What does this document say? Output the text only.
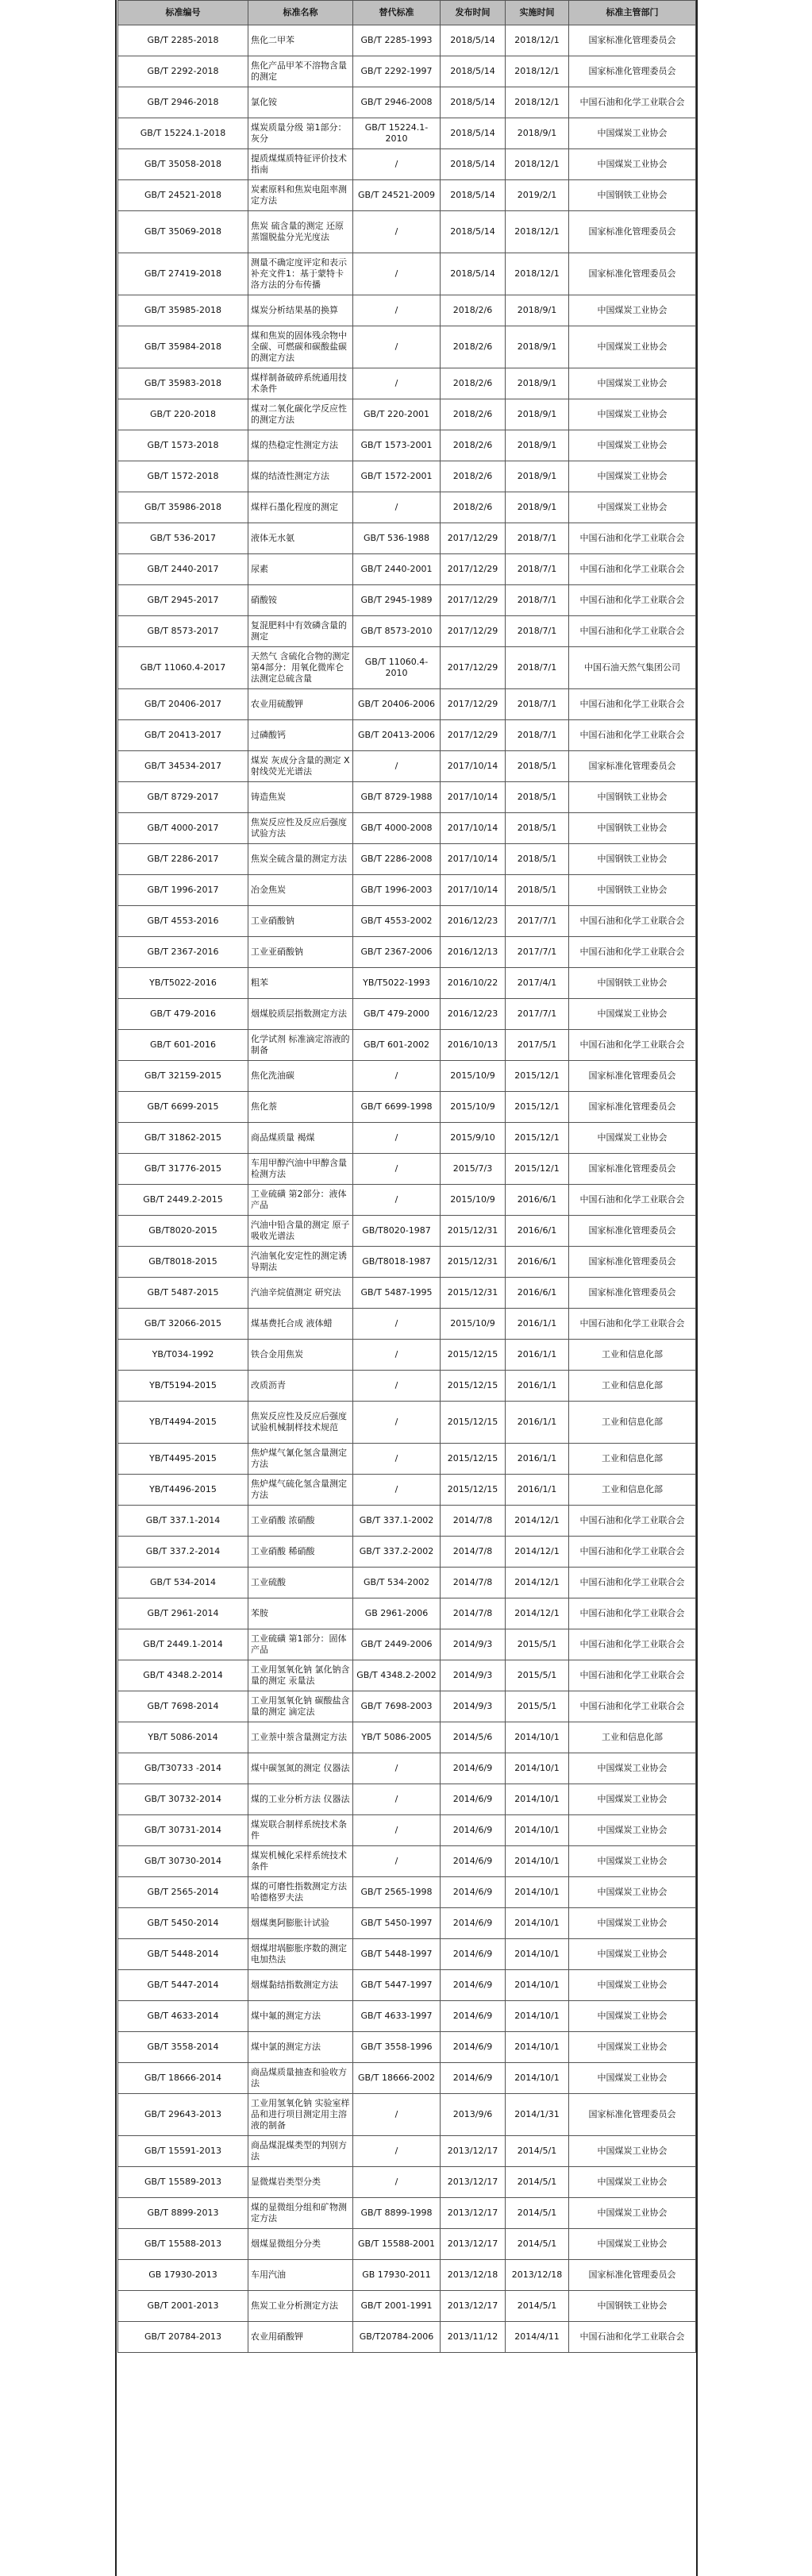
标准编号	标准名称	替代标准	发布时间	实施时间	标准主管部门
GB/T 2285-2018	焦化二甲苯	GB/T 2285-1993	2018/5/14	2018/12/1	国家标准化管理委员会
GB/T 2292-2018	焦化产品甲苯不溶物含量的测定	GB/T 2292-1997	2018/5/14	2018/12/1	国家标准化管理委员会
GB/T 2946-2018	氯化铵	GB/T 2946-2008	2018/5/14	2018/12/1	中国石油和化学工业联合会
GB/T 15224.1-2018	煤炭质量分级 第1部分：灰分	GB/T 15224.1-2010	2018/5/14	2018/9/1	中国煤炭工业协会
GB/T 35058-2018	提质煤煤质特征评价技术指南	/	2018/5/14	2018/12/1	中国煤炭工业协会
GB/T 24521-2018	炭素原料和焦炭电阻率测定方法	GB/T 24521-2009	2018/5/14	2019/2/1	中国钢铁工业协会
GB/T 35069-2018	焦炭 硫含量的测定 还原蒸馏脱盐分光光度法	/	2018/5/14	2018/12/1	国家标准化管理委员会
GB/T 27419-2018	测量不确定度评定和表示 补充文件1：基于蒙特卡洛方法的分布传播	/	2018/5/14	2018/12/1	国家标准化管理委员会
GB/T 35985-2018	煤炭分析结果基的换算	/	2018/2/6	2018/9/1	中国煤炭工业协会
GB/T 35984-2018	煤和焦炭的固体残余物中全碳、可燃碳和碳酸盐碳的测定方法	/	2018/2/6	2018/9/1	中国煤炭工业协会
GB/T 35983-2018	煤样制备破碎系统通用技术条件	/	2018/2/6	2018/9/1	中国煤炭工业协会
GB/T 220-2018	煤对二氧化碳化学反应性的测定方法	GB/T 220-2001	2018/2/6	2018/9/1	中国煤炭工业协会
GB/T 1573-2018	煤的热稳定性测定方法	GB/T 1573-2001	2018/2/6	2018/9/1	中国煤炭工业协会
GB/T 1572-2018	煤的结渣性测定方法	GB/T 1572-2001	2018/2/6	2018/9/1	中国煤炭工业协会
GB/T 35986-2018	煤样石墨化程度的测定	/	2018/2/6	2018/9/1	中国煤炭工业协会
GB/T 536-2017	液体无水氨	GB/T 536-1988	2017/12/29	2018/7/1	中国石油和化学工业联合会
GB/T 2440-2017	尿素	GB/T 2440-2001	2017/12/29	2018/7/1	中国石油和化学工业联合会
GB/T 2945-2017	硝酸铵	GB/T 2945-1989	2017/12/29	2018/7/1	中国石油和化学工业联合会
GB/T 8573-2017	复混肥料中有效磷含量的测定	GB/T 8573-2010	2017/12/29	2018/7/1	中国石油和化学工业联合会
GB/T 11060.4-2017	天然气 含硫化合物的测定 第4部分：用氧化微库仑法测定总硫含量	GB/T 11060.4-2010	2017/12/29	2018/7/1	中国石油天然气集团公司
GB/T 20406-2017	农业用硫酸钾	GB/T 20406-2006	2017/12/29	2018/7/1	中国石油和化学工业联合会
GB/T 20413-2017	过磷酸钙	GB/T 20413-2006	2017/12/29	2018/7/1	中国石油和化学工业联合会
GB/T 34534-2017	煤炭 灰成分含量的测定 X射线荧光光谱法	/	2017/10/14	2018/5/1	国家标准化管理委员会
GB/T 8729-2017	铸造焦炭	GB/T 8729-1988	2017/10/14	2018/5/1	中国钢铁工业协会
GB/T 4000-2017	焦炭反应性及反应后强度试验方法	GB/T 4000-2008	2017/10/14	2018/5/1	中国钢铁工业协会
GB/T 2286-2017	焦炭全硫含量的测定方法	GB/T 2286-2008	2017/10/14	2018/5/1	中国钢铁工业协会
GB/T 1996-2017	冶金焦炭	GB/T 1996-2003	2017/10/14	2018/5/1	中国钢铁工业协会
GB/T 4553-2016	工业硝酸钠	GB/T 4553-2002	2016/12/23	2017/7/1	中国石油和化学工业联合会
GB/T 2367-2016	工业亚硝酸钠	GB/T 2367-2006	2016/12/13	2017/7/1	中国石油和化学工业联合会
YB/T5022-2016	粗苯	YB/T5022-1993	2016/10/22	2017/4/1	中国钢铁工业协会
GB/T 479-2016	烟煤胶质层指数测定方法	GB/T 479-2000	2016/12/23	2017/7/1	中国煤炭工业协会
GB/T 601-2016	化学试剂 标准滴定溶液的制备	GB/T 601-2002	2016/10/13	2017/5/1	中国石油和化学工业联合会
GB/T 32159-2015	焦化洗油碳	/	2015/10/9	2015/12/1	国家标准化管理委员会
GB/T 6699-2015	焦化萘	GB/T 6699-1998	2015/10/9	2015/12/1	国家标准化管理委员会
GB/T 31862-2015	商品煤质量 褐煤	/	2015/9/10	2015/12/1	中国煤炭工业协会
GB/T 31776-2015	车用甲醇汽油中甲醇含量检测方法	/	2015/7/3	2015/12/1	国家标准化管理委员会
GB/T 2449.2-2015	工业硫磺 第2部分：液体产品	/	2015/10/9	2016/6/1	中国石油和化学工业联合会
GB/T8020-2015	汽油中铅含量的测定 原子吸收光谱法	GB/T8020-1987	2015/12/31	2016/6/1	国家标准化管理委员会
GB/T8018-2015	汽油氧化安定性的测定诱导期法	GB/T8018-1987	2015/12/31	2016/6/1	国家标准化管理委员会
GB/T 5487-2015	汽油辛烷值测定 研究法	GB/T 5487-1995	2015/12/31	2016/6/1	国家标准化管理委员会
GB/T 32066-2015	煤基费托合成 液体蜡	/	2015/10/9	2016/1/1	中国石油和化学工业联合会
YB/T034-1992	铁合金用焦炭	/	2015/12/15	2016/1/1	工业和信息化部
YB/T5194-2015	改质沥青	/	2015/12/15	2016/1/1	工业和信息化部
YB/T4494-2015	焦炭反应性及反应后强度试验机械制样技术规范	/	2015/12/15	2016/1/1	工业和信息化部
YB/T4495-2015	焦炉煤气氰化氢含量测定方法	/	2015/12/15	2016/1/1	工业和信息化部
YB/T4496-2015	焦炉煤气硫化氢含量测定方法	/	2015/12/15	2016/1/1	工业和信息化部
GB/T 337.1-2014	工业硝酸 浓硝酸	GB/T 337.1-2002	2014/7/8	2014/12/1	中国石油和化学工业联合会
GB/T 337.2-2014	工业硝酸 稀硝酸	GB/T 337.2-2002	2014/7/8	2014/12/1	中国石油和化学工业联合会
GB/T 534-2014	工业硫酸	GB/T 534-2002	2014/7/8	2014/12/1	中国石油和化学工业联合会
GB/T 2961-2014	苯胺	GB 2961-2006	2014/7/8	2014/12/1	中国石油和化学工业联合会
GB/T 2449.1-2014	工业硫磺 第1部分：固体产品	GB/T 2449-2006	2014/9/3	2015/5/1	中国石油和化学工业联合会
GB/T 4348.2-2014	工业用氢氧化钠 氯化钠含量的测定 汞量法	GB/T 4348.2-2002	2014/9/3	2015/5/1	中国石油和化学工业联合会
GB/T 7698-2014	工业用氢氧化钠 碳酸盐含量的测定 滴定法	GB/T 7698-2003	2014/9/3	2015/5/1	中国石油和化学工业联合会
YB/T 5086-2014	工业萘中萘含量测定方法	YB/T 5086-2005	2014/5/6	2014/10/1	工业和信息化部
GB/T30733 -2014	煤中碳氢氮的测定 仪器法	/	2014/6/9	2014/10/1	中国煤炭工业协会
GB/T 30732-2014	煤的工业分析方法 仪器法	/	2014/6/9	2014/10/1	中国煤炭工业协会
GB/T 30731-2014	煤炭联合制样系统技术条件	/	2014/6/9	2014/10/1	中国煤炭工业协会
GB/T 30730-2014	煤炭机械化采样系统技术条件	/	2014/6/9	2014/10/1	中国煤炭工业协会
GB/T 2565-2014	煤的可磨性指数测定方法 哈德格罗夫法	GB/T 2565-1998	2014/6/9	2014/10/1	中国煤炭工业协会
GB/T 5450-2014	烟煤奥阿膨胀计试验	GB/T 5450-1997	2014/6/9	2014/10/1	中国煤炭工业协会
GB/T 5448-2014	烟煤坩埚膨胀序数的测定 电加热法	GB/T 5448-1997	2014/6/9	2014/10/1	中国煤炭工业协会
GB/T 5447-2014	烟煤黏结指数测定方法	GB/T 5447-1997	2014/6/9	2014/10/1	中国煤炭工业协会
GB/T 4633-2014	煤中氟的测定方法	GB/T 4633-1997	2014/6/9	2014/10/1	中国煤炭工业协会
GB/T 3558-2014	煤中氯的测定方法	GB/T 3558-1996	2014/6/9	2014/10/1	中国煤炭工业协会
GB/T 18666-2014	商品煤质量抽查和验收方法	GB/T 18666-2002	2014/6/9	2014/10/1	中国煤炭工业协会
GB/T 29643-2013	工业用氢氧化钠 实验室样品和进行项目测定用主溶液的制备	/	2013/9/6	2014/1/31	国家标准化管理委员会
GB/T 15591-2013	商品煤混煤类型的判别方法	/	2013/12/17	2014/5/1	中国煤炭工业协会
GB/T 15589-2013	显微煤岩类型分类	/	2013/12/17	2014/5/1	中国煤炭工业协会
GB/T 8899-2013	煤的显微组分组和矿物测定方法	GB/T 8899-1998	2013/12/17	2014/5/1	中国煤炭工业协会
GB/T 15588-2013	烟煤显微组分分类	GB/T 15588-2001	2013/12/17	2014/5/1	中国煤炭工业协会
GB 17930-2013	车用汽油	GB 17930-2011	2013/12/18	2013/12/18	国家标准化管理委员会
GB/T 2001-2013	焦炭工业分析测定方法	GB/T 2001-1991	2013/12/17	2014/5/1	中国钢铁工业协会
GB/T 20784-2013	农业用硝酸钾	GB/T20784-2006	2013/11/12	2014/4/11	中国石油和化学工业联合会
